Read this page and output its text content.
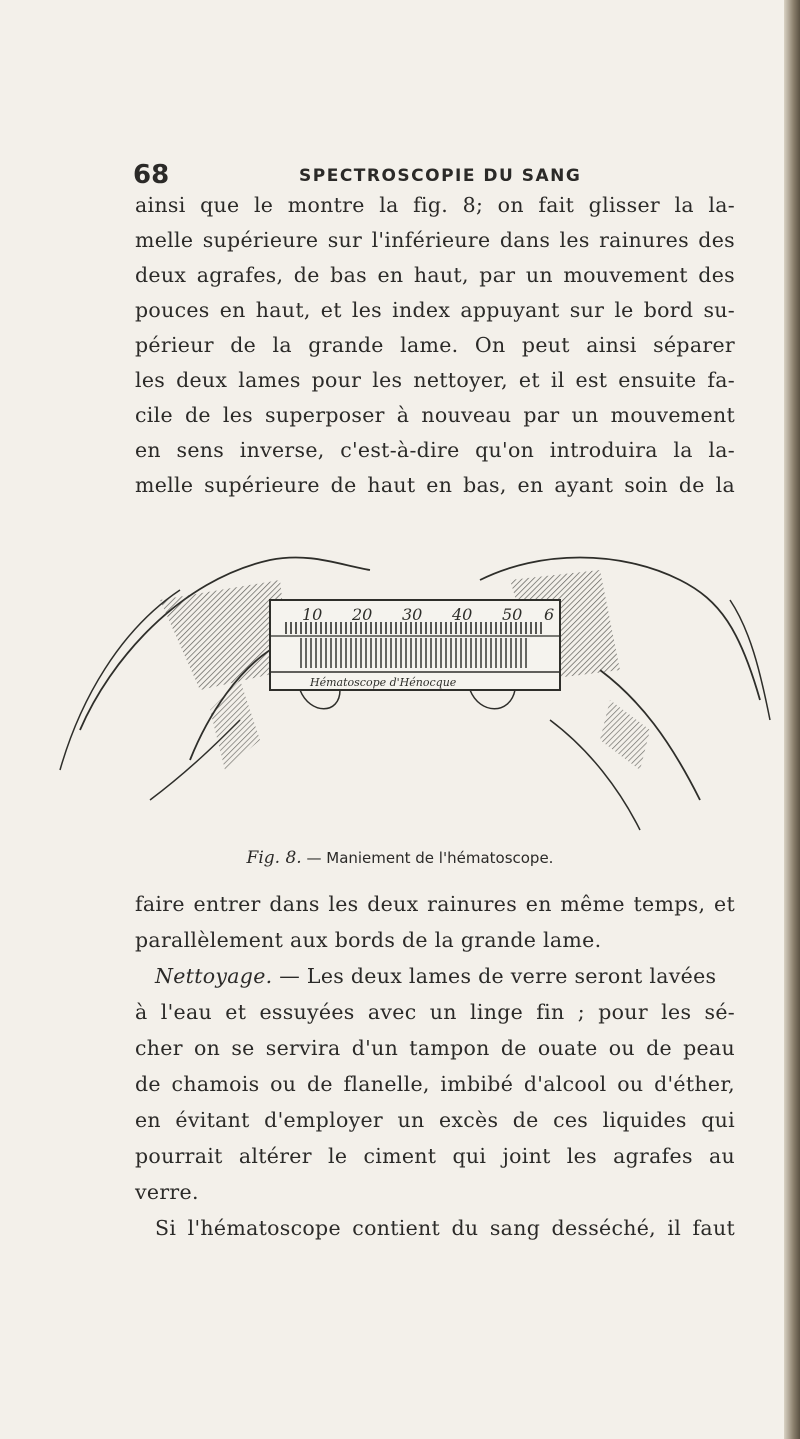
68	SPECTROSCOPIE DU SANG
ainsi que le montre la fig. 8; on fait glisser la la-
melle supérieure sur l'inférieure dans les rainures des
deux agrafes, de bas en haut, par un mouvement des
pouces en haut, et les index appuyant sur le bord su-
périeur de la grande lame. On peut ainsi séparer
les deux lames pour les nettoyer, et il est ensuite fa-
cile de les superposer à nouveau par un mouvement
en sens inverse, c'est-à-dire qu'on introduira la la-
melle supérieure de haut en bas, en ayant soin de la
10 20 30 40 50 6
Hématoscope d'Hénocque
Fig. 8. — Maniement de l'hématoscope.
faire entrer dans les deux rainures en même temps, et
parallèlement aux bords de la grande lame.
Nettoyage. — Les deux lames de verre seront lavées
à l'eau et essuyées avec un linge fin ; pour les sé-
cher on se servira d'un tampon de ouate ou de peau
de chamois ou de flanelle, imbibé d'alcool ou d'éther,
en évitant d'employer un excès de ces liquides qui
pourrait altérer le ciment qui joint les agrafes au
verre.
Si l'hématoscope contient du sang desséché, il faut
